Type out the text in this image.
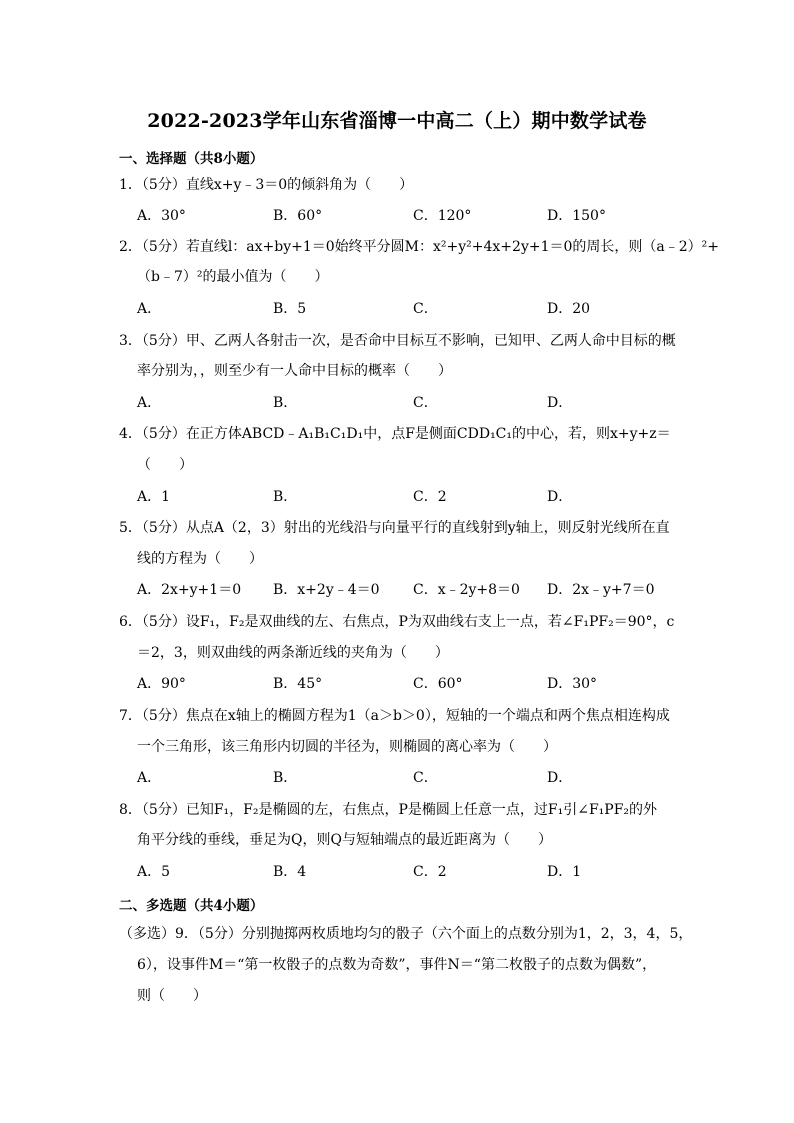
2022-2023学年山东省淄博一中高二（上）期中数学试卷
一、选择题（共8小题）
1．（5分）直线x+y﹣3＝0的倾斜角为（　　）
A．30°	B．60°	C．120°	D．150°
2．（5分）若直线l：ax+by+1＝0始终平分圆M：x²+y²+4x+2y+1＝0的周长，则（a﹣2）²+
（b﹣7）²的最小值为（　　）
A．	B．5	C．	D．20
3．（5分）甲、乙两人各射击一次，是否命中目标互不影响，已知甲、乙两人命中目标的概
率分别为，，则至少有一人命中目标的概率（　　）
A．	B．	C．	D．
4．（5分）在正方体ABCD﹣A₁B₁C₁D₁中，点F是侧面CDD₁C₁的中心，若，则x+y+z＝
（　　）
A．1	B．	C．2	D．
5．（5分）从点A（2，3）射出的光线沿与向量平行的直线射到y轴上，则反射光线所在直
线的方程为（　　）
A．2x+y+1＝0 B．x+2y﹣4＝0 C．x﹣2y+8＝0 D．2x﹣y+7＝0
6．（5分）设F₁，F₂是双曲线的左、右焦点，P为双曲线右支上一点，若∠F₁PF₂＝90°，c
＝2，3，则双曲线的两条渐近线的夹角为（　　）
A．90°	B．45°	C．60°	D．30°
7．（5分）焦点在x轴上的椭圆方程为1（a＞b＞0），短轴的一个端点和两个焦点相连构成
一个三角形，该三角形内切圆的半径为，则椭圆的离心率为（　　）
A．	B．	C．	D．
8．（5分）已知F₁，F₂是椭圆的左，右焦点，P是椭圆上任意一点，过F₁引∠F₁PF₂的外
角平分线的垂线，垂足为Q，则Q与短轴端点的最近距离为（　　）
A．5	B．4	C．2	D．1
二、多选题（共4小题）
（多选）9．（5分）分别抛掷两枚质地均匀的骰子（六个面上的点数分别为1，2，3，4，5，
6），设事件M＝“第一枚骰子的点数为奇数”，事件N＝“第二枚骰子的点数为偶数”，
则（　　）
